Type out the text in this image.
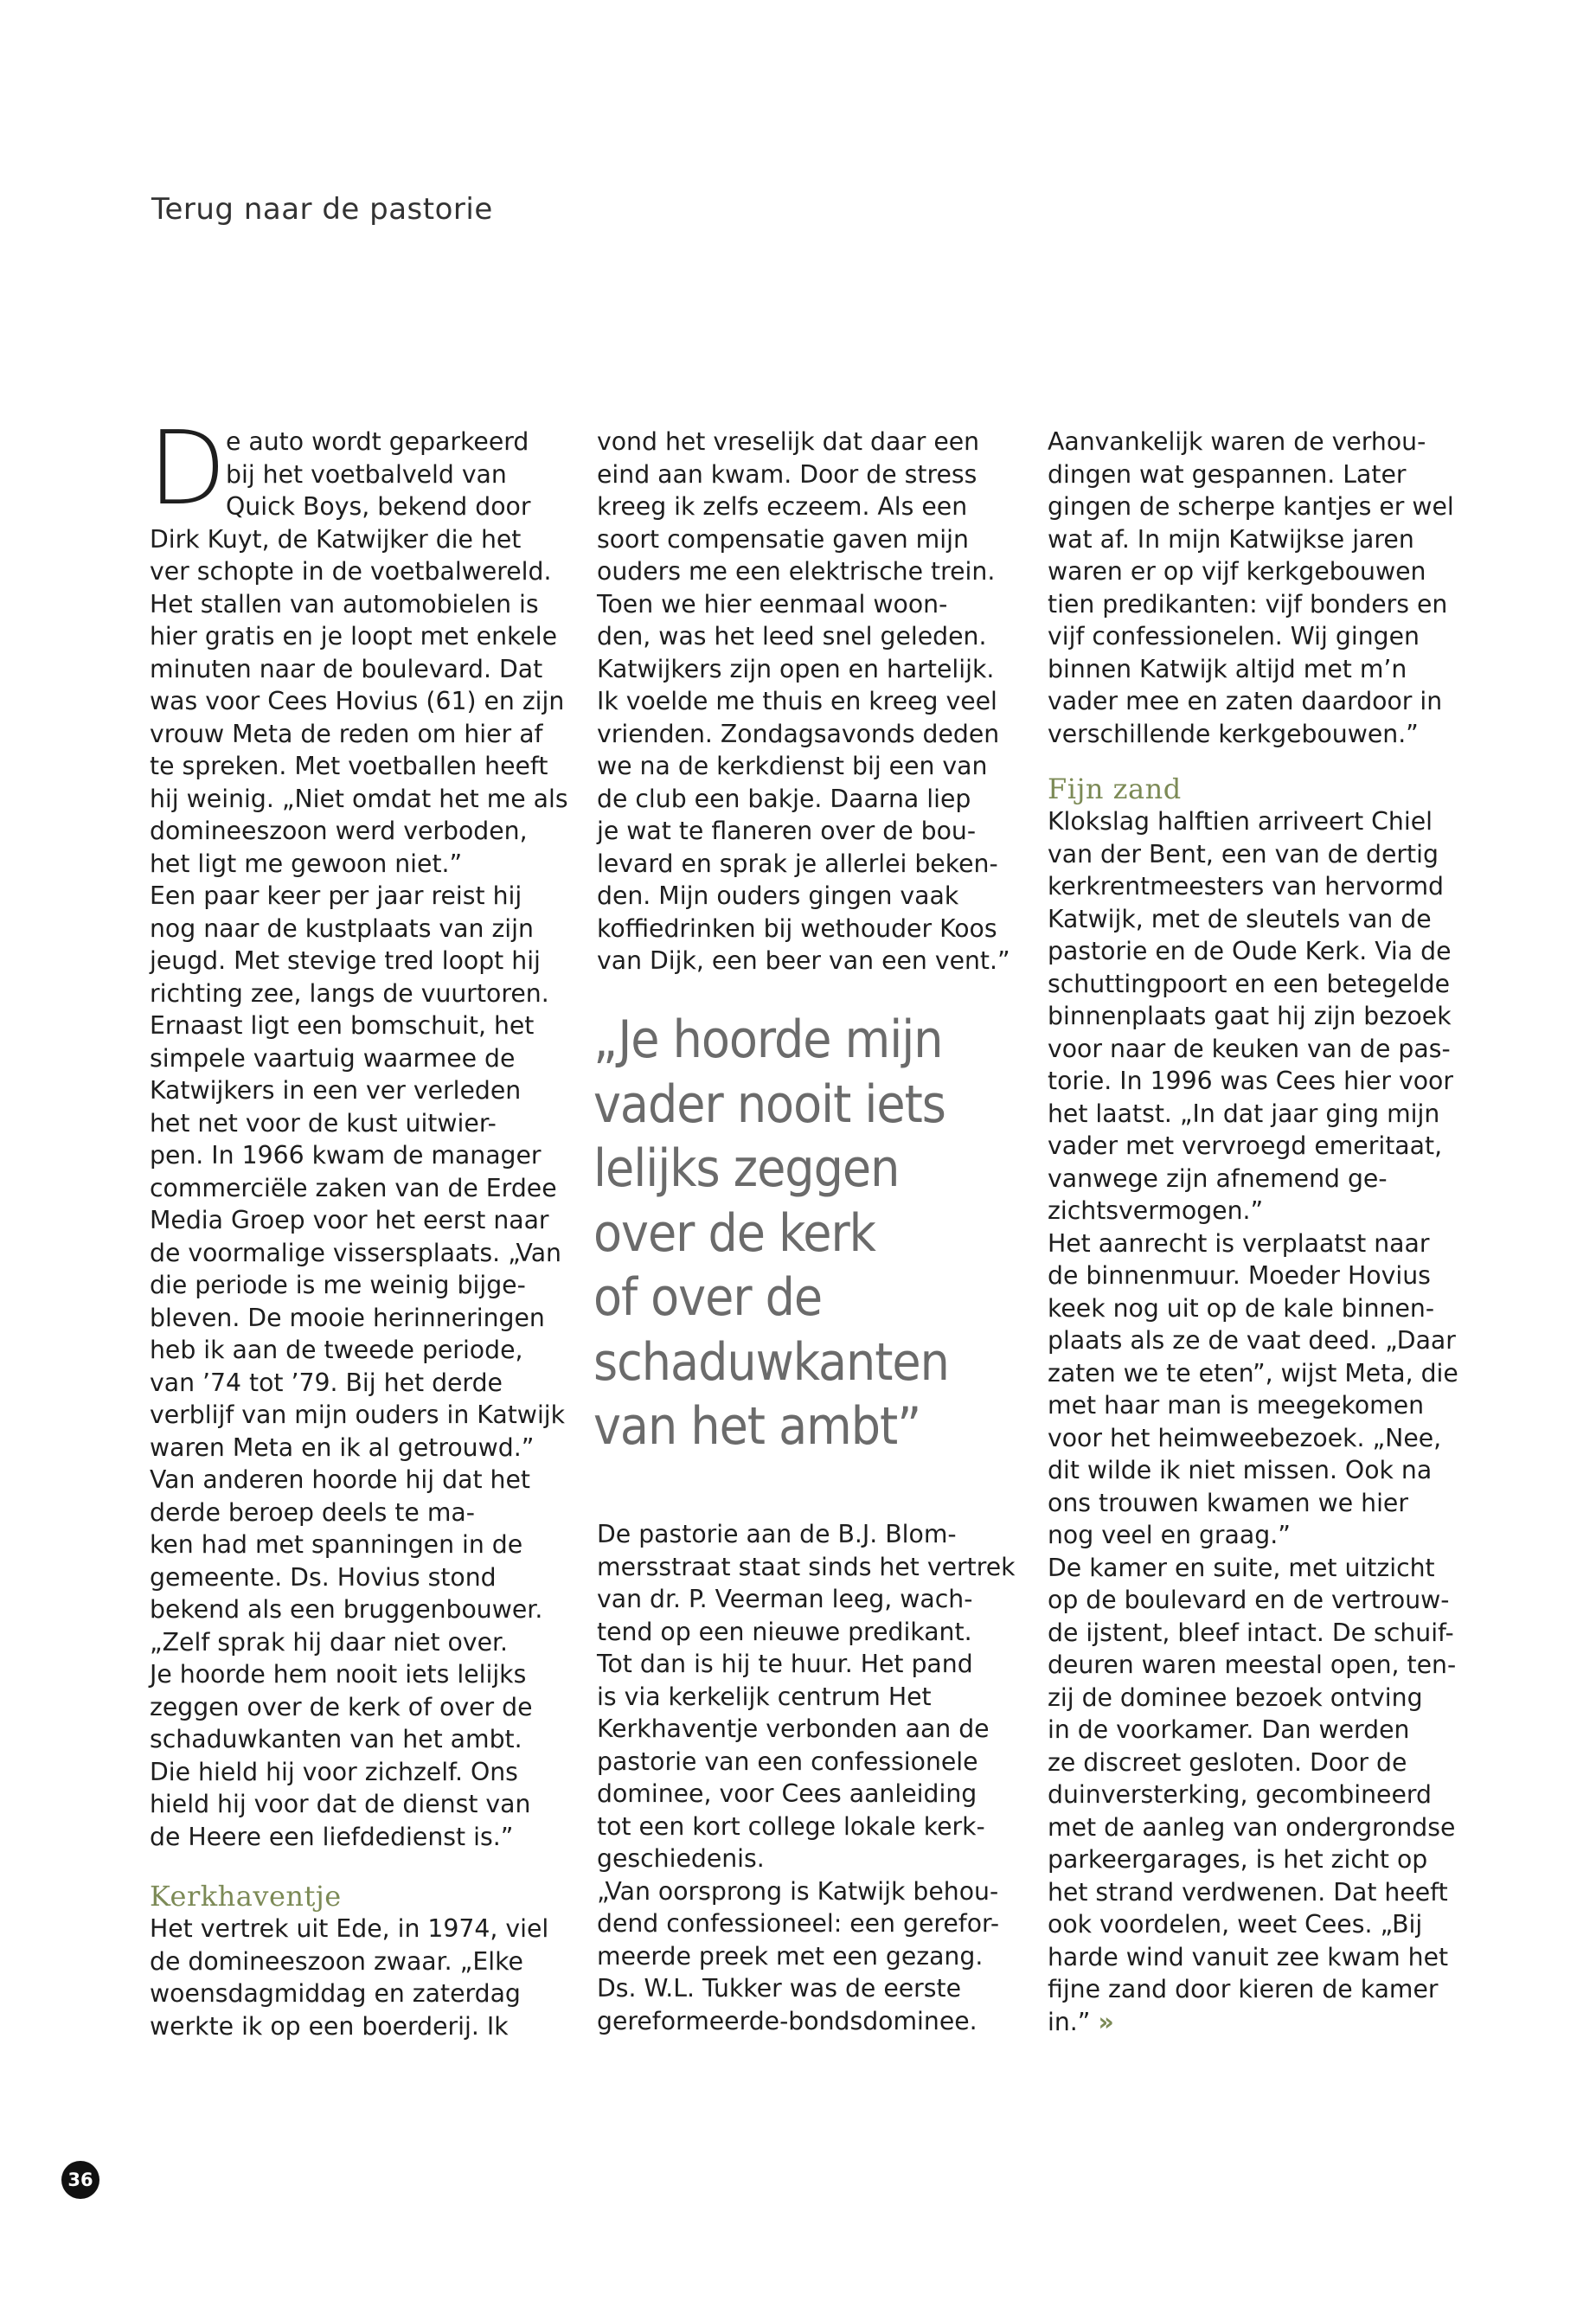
Terug naar de pastorie
D e auto wordt geparkeerd
bij het voetbalveld van
Quick Boys, bekend door
Dirk Kuyt, de Katwijker die het
ver schopte in de voetbalwereld.
Het stallen van automobielen is
hier gratis en je loopt met enkele
minuten naar de boulevard. Dat
was voor Cees Hovius (61) en zijn
vrouw Meta de reden om hier af
te spreken. Met voetballen heeft
hij weinig. „Niet omdat het me als
domineeszoon werd verboden,
het ligt me gewoon niet.”
Een paar keer per jaar reist hij
nog naar de kustplaats van zijn
jeugd. Met stevige tred loopt hij
richting zee, langs de vuurtoren.
Ernaast ligt een bomschuit, het
simpele vaartuig waarmee de
Katwijkers in een ver verleden
het net voor de kust uitwier-
pen. In 1966 kwam de manager
commerciële zaken van de Erdee
Media Groep voor het eerst naar
de voormalige vissersplaats. „Van
die periode is me weinig bijge-
bleven. De mooie herinneringen
heb ik aan de tweede periode,
van ’74 tot ’79. Bij het derde
verblijf van mijn ouders in Katwijk
waren Meta en ik al getrouwd.”
Van anderen hoorde hij dat het
derde beroep deels te ma-
ken had met spanningen in de
gemeente. Ds. Hovius stond
bekend als een bruggenbouwer.
„Zelf sprak hij daar niet over.
Je hoorde hem nooit iets lelijks
zeggen over de kerk of over de
schaduwkanten van het ambt.
Die hield hij voor zichzelf. Ons
hield hij voor dat de dienst van
de Heere een liefdedienst is.”
Kerkhaventje
Het vertrek uit Ede, in 1974, viel
de domineeszoon zwaar. „Elke
woensdagmiddag en zaterdag
werkte ik op een boerderij. Ik
vond het vreselijk dat daar een
eind aan kwam. Door de stress
kreeg ik zelfs eczeem. Als een
soort compensatie gaven mijn
ouders me een elektrische trein.
Toen we hier eenmaal woon-
den, was het leed snel geleden.
Katwijkers zijn open en hartelijk.
Ik voelde me thuis en kreeg veel
vrienden. Zondagsavonds deden
we na de kerkdienst bij een van
de club een bakje. Daarna liep
je wat te flaneren over de bou-
levard en sprak je allerlei beken-
den. Mijn ouders gingen vaak
koffiedrinken bij wethouder Koos
van Dijk, een beer van een vent.”
„Je hoorde mijn
vader nooit iets
lelijks zeggen
over de kerk
of over de
schaduwkanten
van het ambt”
De pastorie aan de B.J. Blom-
mersstraat staat sinds het vertrek
van dr. P. Veerman leeg, wach-
tend op een nieuwe predikant.
Tot dan is hij te huur. Het pand
is via kerkelijk centrum Het
Kerkhaventje verbonden aan de
pastorie van een confessionele
dominee, voor Cees aanleiding
tot een kort college lokale kerk-
geschiedenis.
„Van oorsprong is Katwijk behou-
dend confessioneel: een gerefor-
meerde preek met een gezang.
Ds. W.L. Tukker was de eerste
gereformeerde-bondsdominee.
Aanvankelijk waren de verhou-
dingen wat gespannen. Later
gingen de scherpe kantjes er wel
wat af. In mijn Katwijkse jaren
waren er op vijf kerkgebouwen
tien predikanten: vijf bonders en
vijf confessionelen. Wij gingen
binnen Katwijk altijd met m’n
vader mee en zaten daardoor in
verschillende kerkgebouwen.”
Fijn zand
Klokslag halftien arriveert Chiel
van der Bent, een van de dertig
kerkrentmeesters van hervormd
Katwijk, met de sleutels van de
pastorie en de Oude Kerk. Via de
schuttingpoort en een betegelde
binnenplaats gaat hij zijn bezoek
voor naar de keuken van de pas-
torie. In 1996 was Cees hier voor
het laatst. „In dat jaar ging mijn
vader met vervroegd emeritaat,
vanwege zijn afnemend ge-
zichtsvermogen.”
Het aanrecht is verplaatst naar
de binnenmuur. Moeder Hovius
keek nog uit op de kale binnen-
plaats als ze de vaat deed. „Daar
zaten we te eten”, wijst Meta, die
met haar man is meegekomen
voor het heimweebezoek. „Nee,
dit wilde ik niet missen. Ook na
ons trouwen kwamen we hier
nog veel en graag.”
De kamer en suite, met uitzicht
op de boulevard en de vertrouw-
de ijstent, bleef intact. De schuif-
deuren waren meestal open, ten-
zij de dominee bezoek ontving
in de voorkamer. Dan werden
ze discreet gesloten. Door de
duinversterking, gecombineerd
met de aanleg van ondergrondse
parkeergarages, is het zicht op
het strand verdwenen. Dat heeft
ook voordelen, weet Cees. „Bij
harde wind vanuit zee kwam het
fijne zand door kieren de kamer
in.” »
36
